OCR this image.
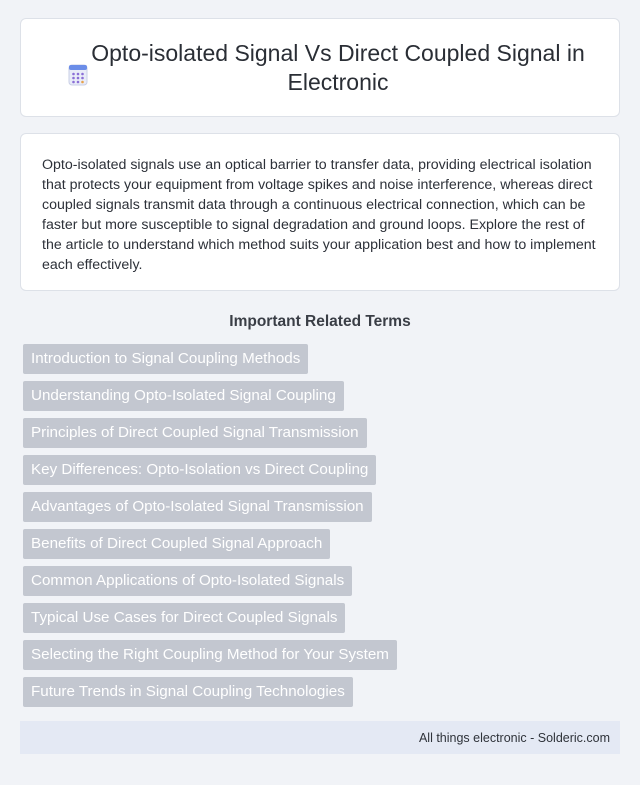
Opto-isolated Signal Vs Direct Coupled Signal in Electronic

Opto-isolated signals use an optical barrier to transfer data, providing electrical isolation that protects your equipment from voltage spikes and noise interference, whereas direct coupled signals transmit data through a continuous electrical connection, which can be faster but more susceptible to signal degradation and ground loops. Explore the rest of the article to understand which method suits your application best and how to implement each effectively.

Important Related Terms
Introduction to Signal Coupling Methods
Understanding Opto-Isolated Signal Coupling
Principles of Direct Coupled Signal Transmission
Key Differences: Opto-Isolation vs Direct Coupling
Advantages of Opto-Isolated Signal Transmission
Benefits of Direct Coupled Signal Approach
Common Applications of Opto-Isolated Signals
Typical Use Cases for Direct Coupled Signals
Selecting the Right Coupling Method for Your System
Future Trends in Signal Coupling Technologies
All things electronic - Solderic.com
